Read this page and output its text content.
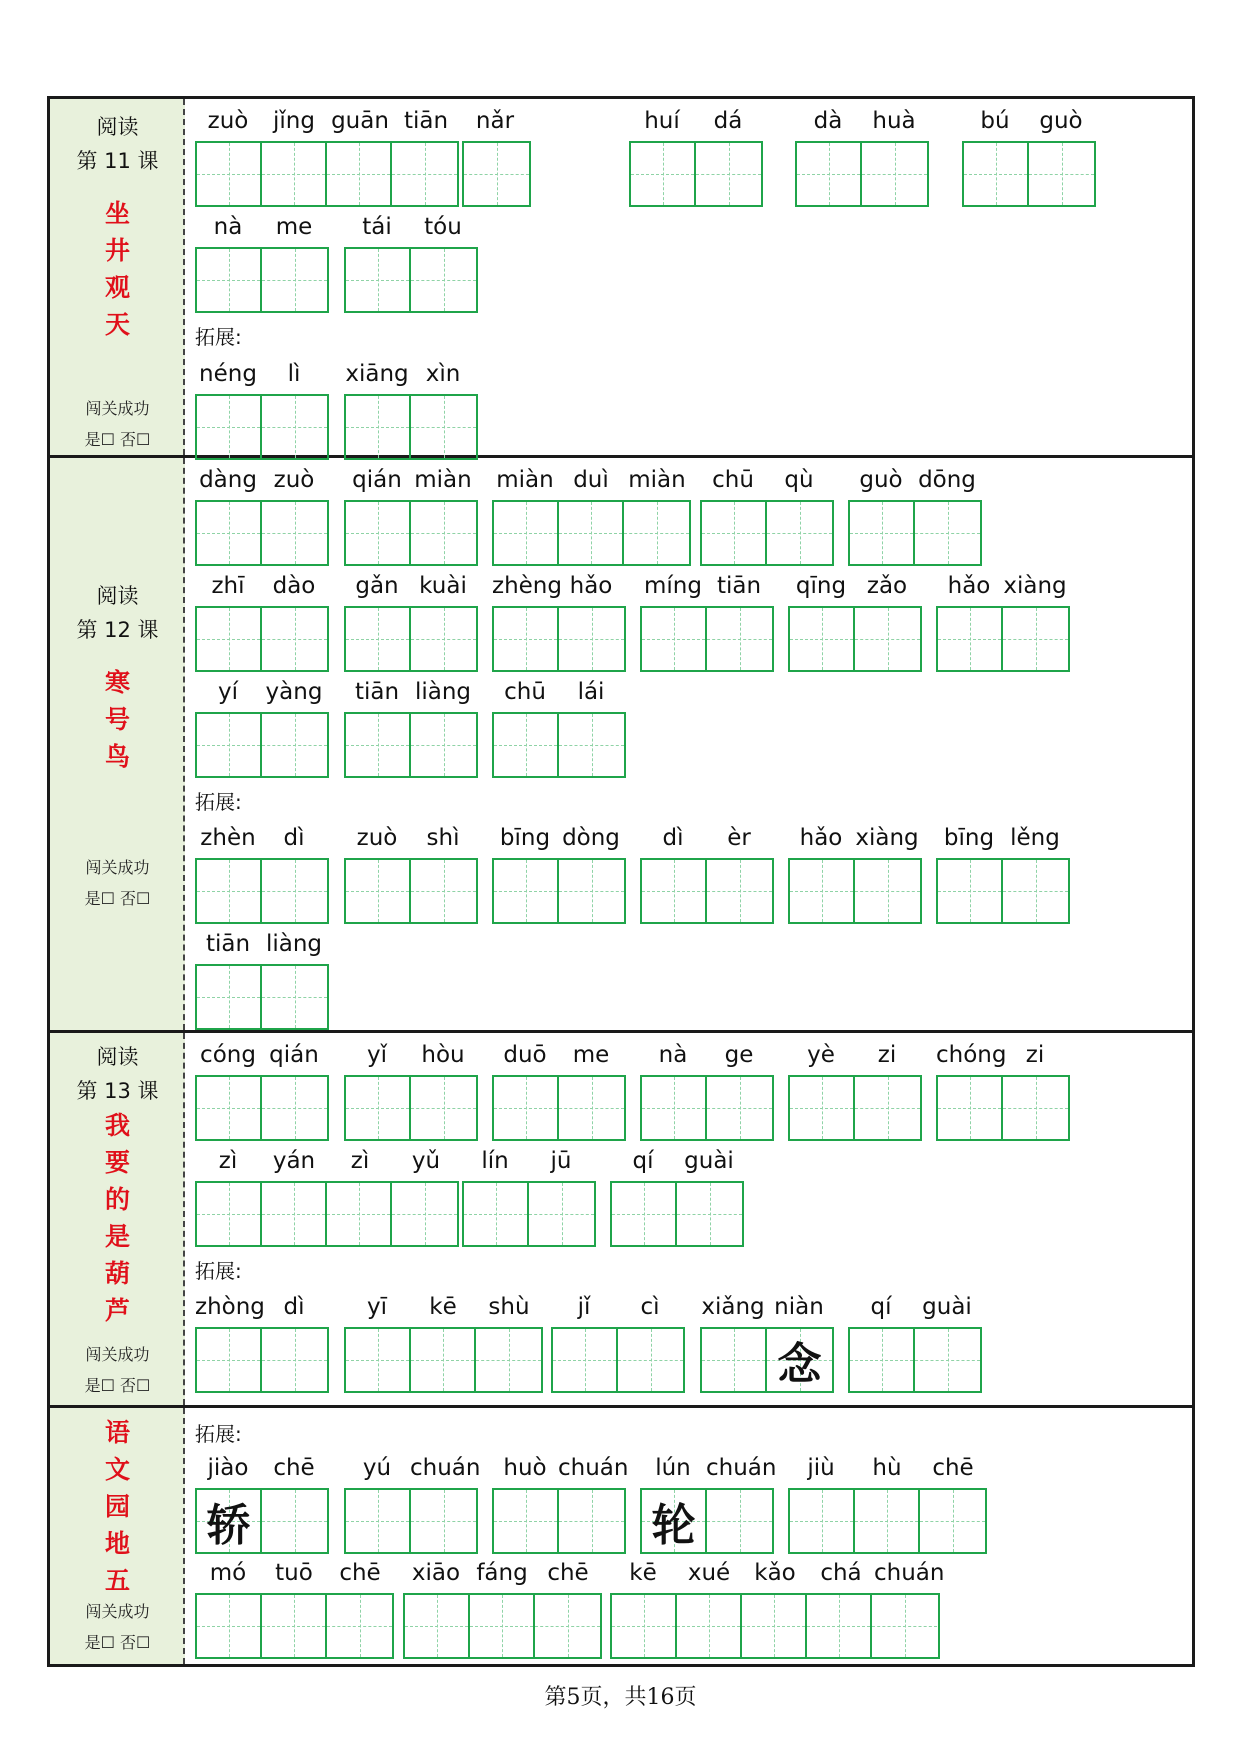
阅读
第 11 课
坐
井
观
天
闯关成功
是☐ 否☐
zuò	jǐng guān tiān	nǎr	huí	dá	dà	huà	bú	guò
nà	me	tái	tóu
拓展:
néng	lì	xiāng xìn
阅读
第 12 课
寒
号
鸟
闯关成功
是☐ 否☐
dàng zuò	qián miàn miàn duì miàn	chū	qù	guò dōng
zhī	dào	gǎn kuài	zhèng hǎo	míng tiān	qīng zǎo	hǎo xiàng
yí	yàng	tiān liàng	chū	lái
拓展:
zhèn	dì	zuò	shì	bīng dòng	dì	èr	hǎo xiàng	bīng lěng
tiān liàng
阅读
第 13 课
我
要
的
是
葫
芦
闯关成功
是☐ 否☐
cóng qián	yǐ	hòu	duō	me	nà	ge	yè	zi	chóng zi
zì	yán	zì	yǔ	lín	jū	qí	guài
拓展:
zhòng dì	yī	kē	shù	jǐ	cì	xiǎng niàn
念
qí	guài
语
文
园
地
五
闯关成功
是☐ 否☐
拓展:
jiào	chē
轿
yú chuán huò chuán	lún chuán
轮
jiù	hù	chē
mó	tuō	chē	xiāo fáng chē	kē	xué	kǎo	chá chuán
第5页，共16页
